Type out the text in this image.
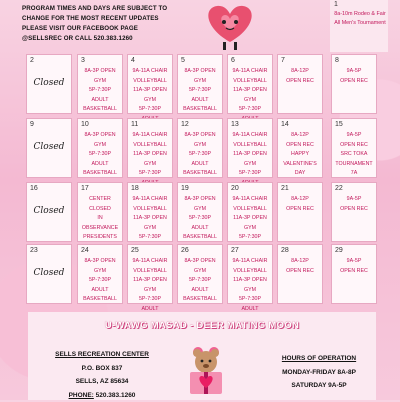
PROGRAM TIMES AND DAYS ARE SUBJECT TO
CHANGE FOR THE MOST RECENT UPDATES
PLEASE VISIT OUR FACEBOOK PAGE
@SELLSREC OR CALL 520.383.1260
1
8a-10m Rodeo & Fair All Men's Tournament
2
Closed
3
8A-3P OPEN GYM
5P-7:30P ADULT
BASKETBALL
4
9A-11A CHAIR
VOLLEYBALL
11A-3P OPEN GYM
5P-7:30P

5
8A-3P OPEN GYM
5P-7:30P ADULT
BASKETBALL
6
9A-11A CHAIR
VOLLEYBALL
11A-3P OPEN GYM
5P-7:30P

7
8A-12P
OPEN REC
8
9A-5P
OPEN REC
9
Closed
10
8A-3P OPEN GYM
5P-7:30P ADULT
BASKETBALL
11
9A-11A CHAIR
VOLLEYBALL
11A-3P OPEN GYM
5P-7:30P

12
8A-3P OPEN GYM
5P-7:30P ADULT
BASKETBALL
13
9A-11A CHAIR
VOLLEYBALL
11A-3P OPEN GYM
5P-7:30P

14
8A-12P
OPEN REC
HAPPY
VALENTINE'S DAY
15
9A-5P
OPEN REC
SRC TOKA
TOURNAMENT 7A
16
Closed
17
CENTER CLOSED
IN OBSERVANCE
PRESIDENTS
18
9A-11A CHAIR
VOLLEYBALL
11A-3P OPEN GYM
5P-7:30P

19
8A-3P OPEN GYM
5P-7:30P ADULT
BASKETBALL
20
9A-11A CHAIR
VOLLEYBALL
11A-3P OPEN GYM
5P-7:30P

21
8A-12P
OPEN REC
22
9A-5P
OPEN REC
23
Closed
24
8A-3P OPEN GYM
5P-7:30P ADULT
BASKETBALL
25
9A-11A CHAIR
VOLLEYBALL
11A-3P OPEN GYM
5P-7:30P ADULT

26
8A-3P OPEN GYM
5P-7:30P ADULT
BASKETBALL
27
9A-11A CHAIR
VOLLEYBALL
11A-3P OPEN GYM
5P-7:30P ADULT

28
8A-12P
OPEN REC
29
9A-5P
OPEN REC
U-WAWG MASAD - DEER MATING MOON
SELLS RECREATION CENTER
P.O. BOX 837
SELLS, AZ 85634
PHONE: 520.383.1260
HOURS OF OPERATION
MONDAY-FRIDAY 8A-8P
SATURDAY 9A-5P
